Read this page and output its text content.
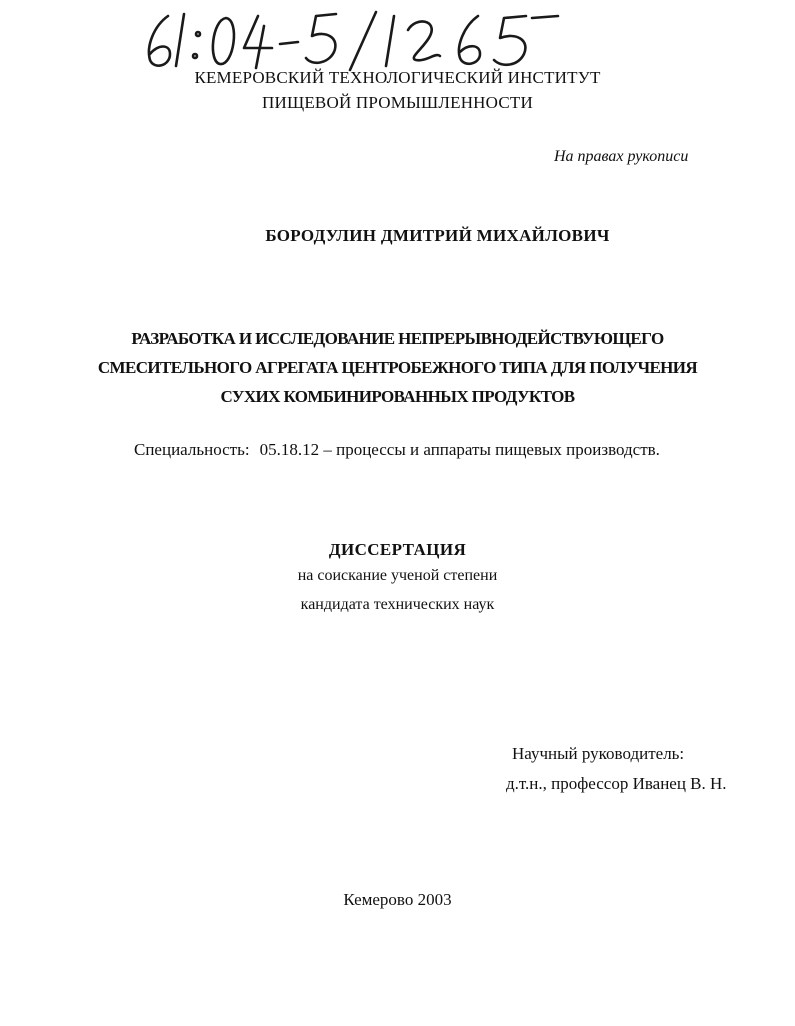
КЕМЕРОВСКИЙ ТЕХНОЛОГИЧЕСКИЙ ИНСТИТУТ
ПИЩЕВОЙ ПРОМЫШЛЕННОСТИ
На правах рукописи
БОРОДУЛИН ДМИТРИЙ МИХАЙЛОВИЧ
РАЗРАБОТКА И ИССЛЕДОВАНИЕ НЕПРЕРЫВНОДЕЙСТВУЮЩЕГО
СМЕСИТЕЛЬНОГО АГРЕГАТА ЦЕНТРОБЕЖНОГО ТИПА ДЛЯ ПОЛУЧЕНИЯ
СУХИХ КОМБИНИРОВАННЫХ ПРОДУКТОВ
Специальность: 05.18.12 – процессы и аппараты пищевых производств.
ДИССЕРТАЦИЯ
на соискание ученой степени
кандидата технических наук
Научный руководитель:
д.т.н., профессор Иванец В. Н.
Кемерово 2003
